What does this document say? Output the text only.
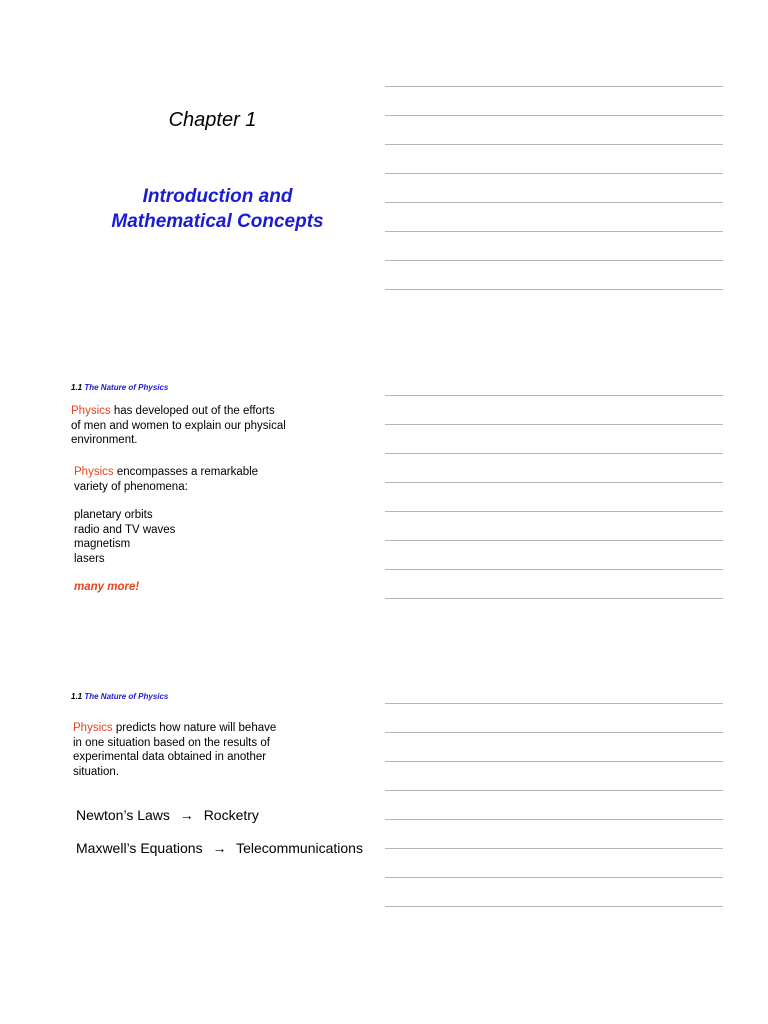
Chapter 1
Introduction and
Mathematical Concepts
1.1 The Nature of Physics
Physics has developed out of the efforts
of men and women to explain our physical
environment.
Physics encompasses a remarkable
variety of phenomena:
planetary orbits
radio and TV waves
magnetism
lasers
many more!
1.1 The Nature of Physics
Physics predicts how nature will behave
in one situation based on the results of
experimental data obtained in another
situation.
Newton’s Laws → Rocketry
Maxwell’s Equations → Telecommunications
